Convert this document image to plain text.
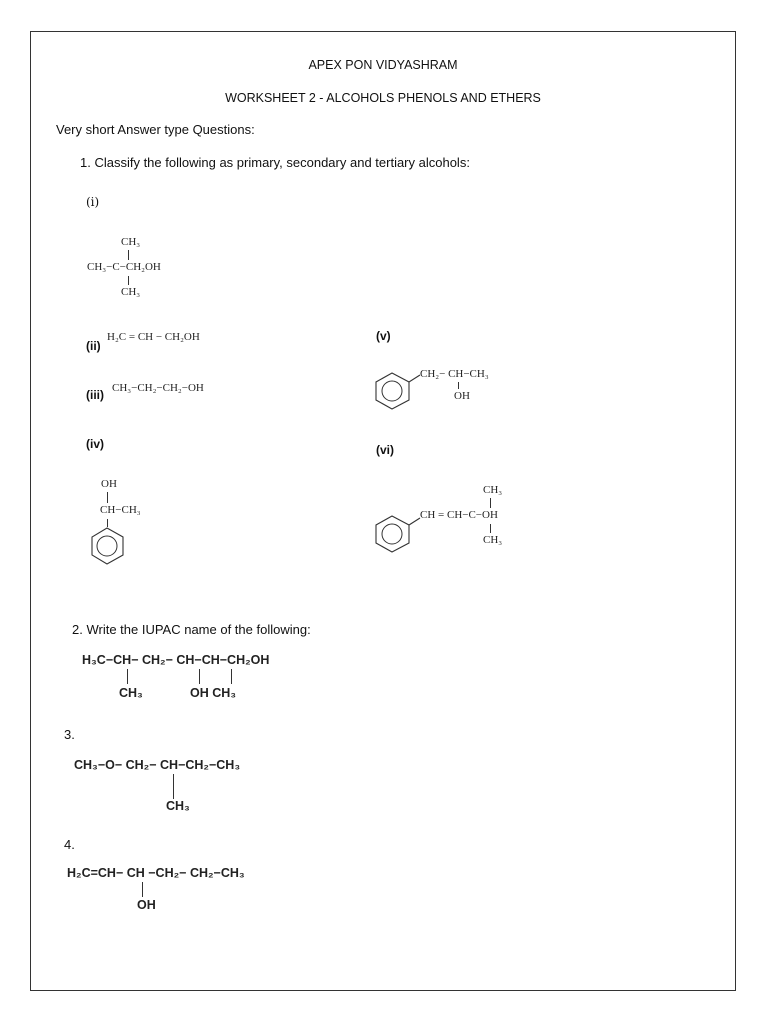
APEX PON VIDYASHRAM
WORKSHEET 2 - ALCOHOLS PHENOLS AND ETHERS
Very short Answer type Questions:
1. Classify the following as primary, secondary and tertiary alcohols:
(i)
CH₃
CH₃−C−CH₂OH
CH₃
(ii)
H₂C = CH − CH₂OH
(iii) CH₃−CH₂−CH₂−OH
(iv)
OH
CH−CH₃
(v)
CH₂− CH−CH₃
OH
(vi)
CH₃
CH = CH−C−OH
CH₃
2. Write the IUPAC name of the following:
H₃C−CH− CH₂− CH−CH−CH₂OH
CH₃	OH CH₃
3.
CH₃−O− CH₂− CH−CH₂−CH₃
CH₃
4.
H₂C=CH− CH −CH₂− CH₂−CH₃
OH
